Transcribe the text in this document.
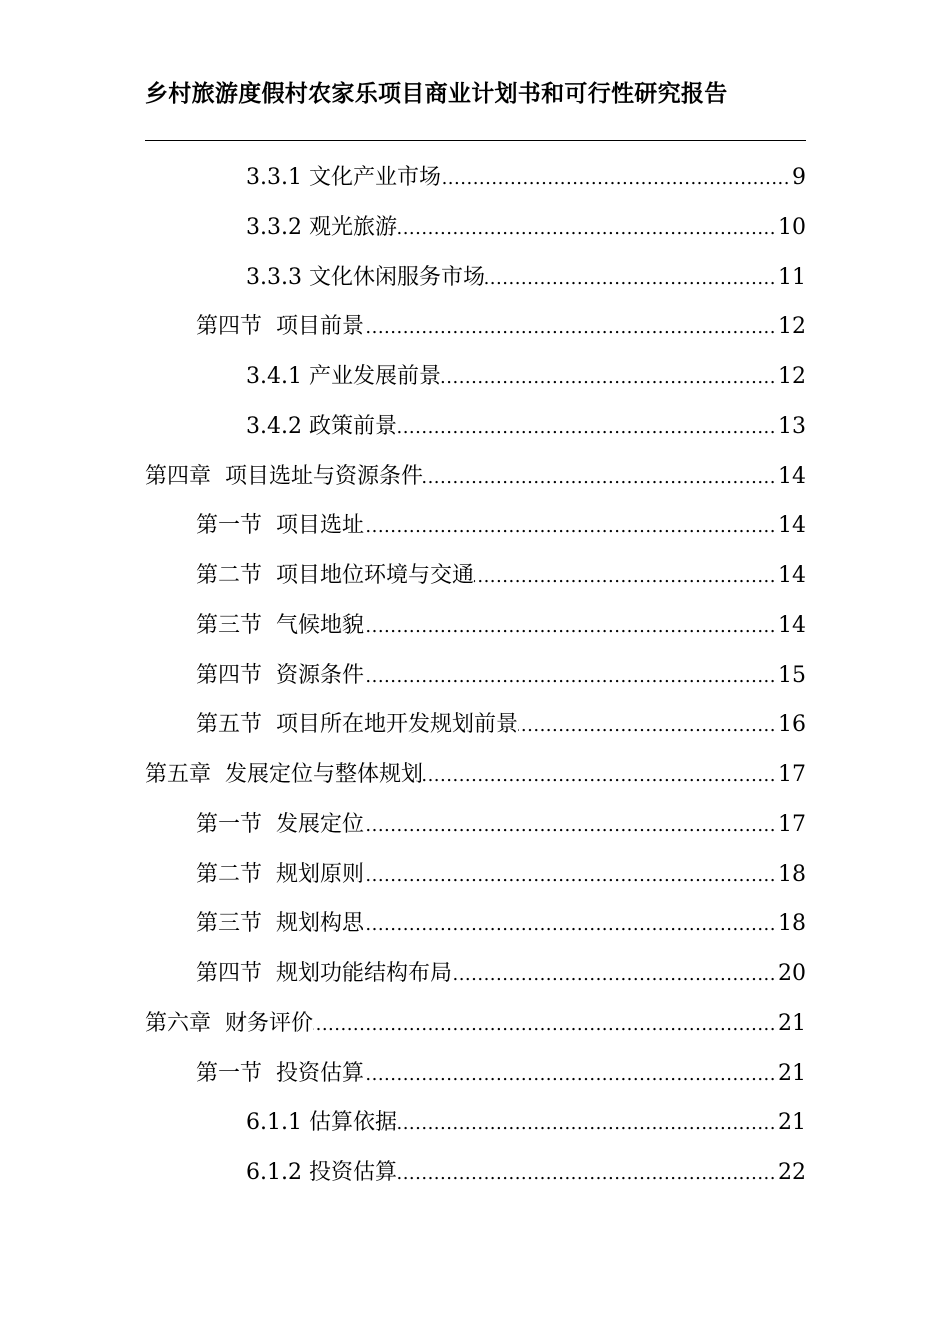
乡村旅游度假村农家乐项目商业计划书和可行性研究报告
3.3.1 文化产业市场 .....	9
3.3.2 观光旅游 .....	10
3.3.3 文化休闲服务市场 .....	11
第四节  项目前景 .....	12
3.4.1 产业发展前景 .....	12
3.4.2 政策前景 .....	13
第四章  项目选址与资源条件 .....	14
第一节  项目选址 .....	14
第二节  项目地位环境与交通 .....	14
第三节  气候地貌 .....	14
第四节  资源条件 .....	15
第五节  项目所在地开发规划前景 .....	16
第五章  发展定位与整体规划 .....	17
第一节  发展定位 .....	17
第二节  规划原则 .....	18
第三节  规划构思 .....	18
第四节  规划功能结构布局 .....	20
第六章  财务评价 .....	21
第一节  投资估算 .....	21
6.1.1 估算依据 .....	21
6.1.2 投资估算 .....	22
